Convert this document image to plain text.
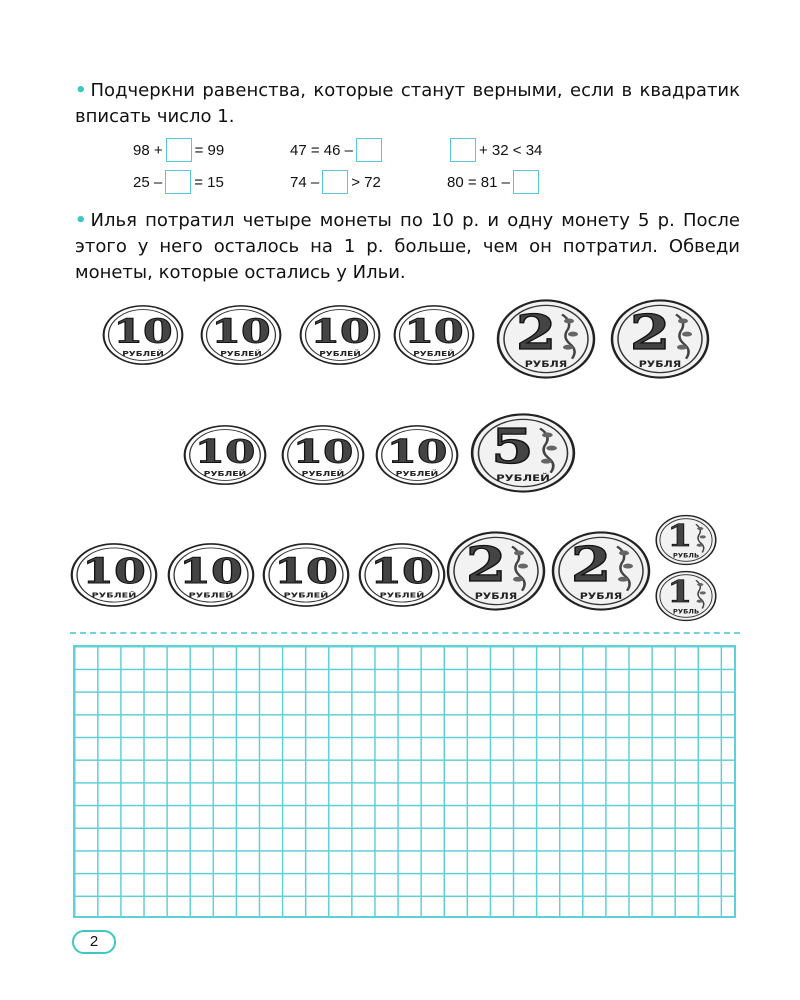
• Подчеркни равенства, которые станут верными, если в квадратик вписать число 1.
98 + = 99	47 = 46 –	+ 32 < 34
25 – = 15	74 – > 72	80 = 81 –
• Илья потратил четыре монеты по 10 р. и одну монету 5 р. После этого у него осталось на 1 р. больше, чем он потратил. Обведи монеты, которые остались у Ильи.
10
РУБЛЕЙ
10
РУБЛЕЙ
10
РУБЛЕЙ
10
РУБЛЕЙ 2
РУБЛЯ
2
РУБЛЯ
10
РУБЛЕЙ
10
РУБЛЕЙ
10
РУБЛЕЙ 5
РУБЛЕЙ
10
РУБЛЕЙ
10
РУБЛЕЙ
10
РУБЛЕЙ
10
РУБЛЕЙ
2
РУБЛЯ
2
РУБЛЯ
1
РУБЛЬ
1
РУБЛЬ
2
